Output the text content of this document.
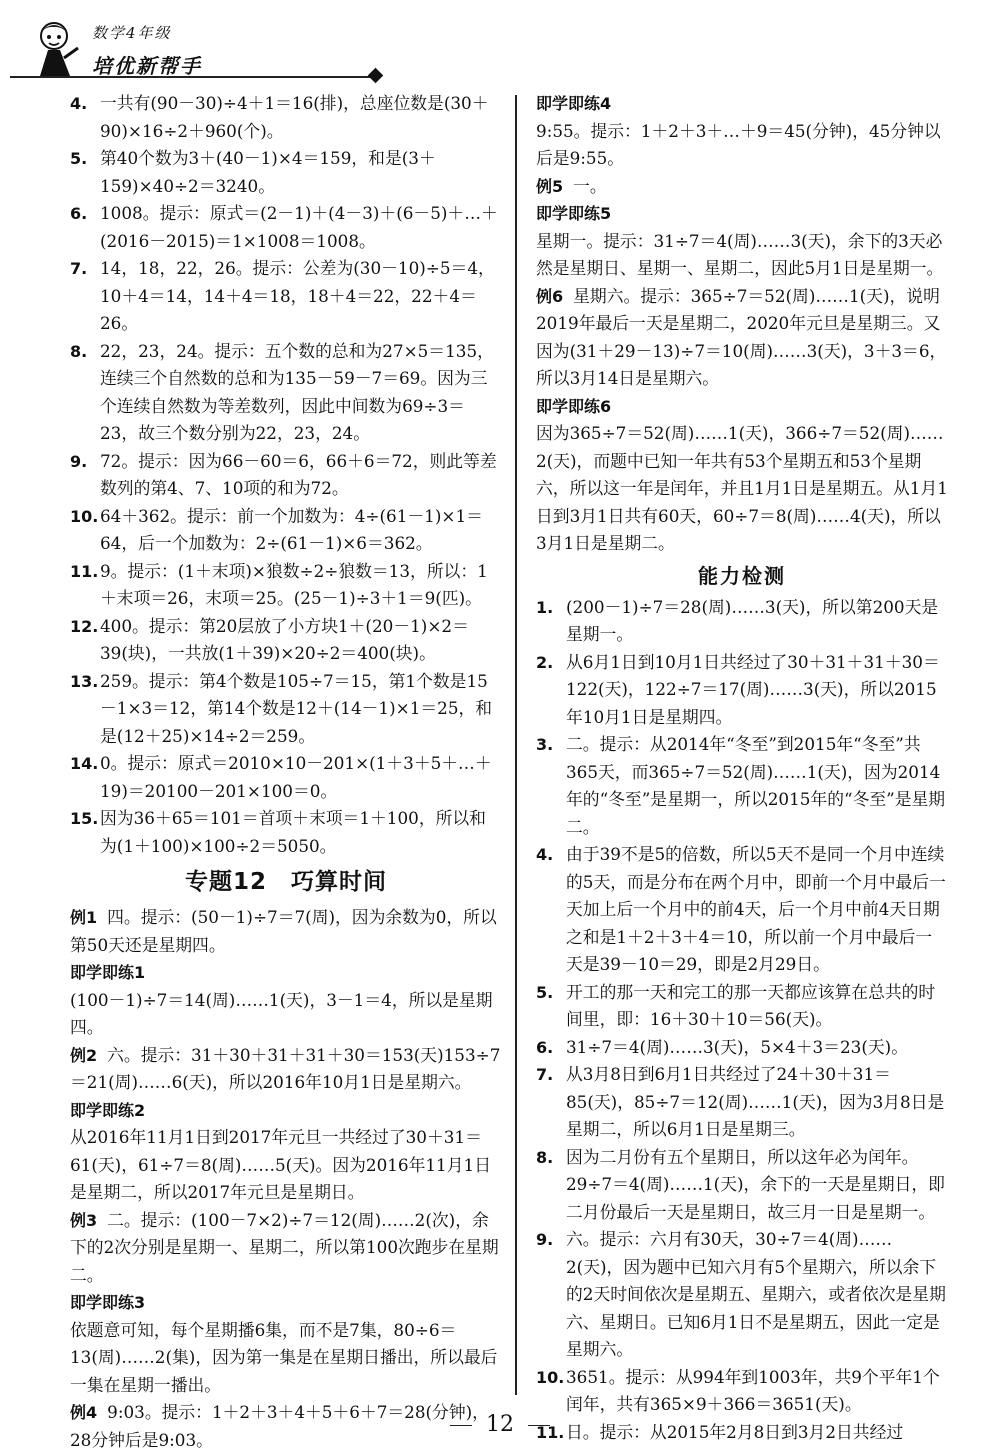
数学4年级
培优新帮手
4. 一共有(90－30)÷4＋1＝16(排)，总座位数是(30＋90)×16÷2＋960(个)。
5. 第40个数为3＋(40－1)×4＝159，和是(3＋159)×40÷2＝3240。
6. 1008。提示：原式＝(2－1)＋(4－3)＋(6－5)＋…＋(2016－2015)＝1×1008＝1008。
7. 14，18，22，26。提示：公差为(30－10)÷5＝4，10＋4＝14，14＋4＝18，18＋4＝22，22＋4＝26。
8. 22，23，24。提示：五个数的总和为27×5＝135，连续三个自然数的总和为135－59－7＝69。因为三个连续自然数为等差数列，因此中间数为69÷3＝23，故三个数分别为22，23，24。
9. 72。提示：因为66－60＝6，66＋6＝72，则此等差数列的第4、7、10项的和为72。
10. 64＋362。提示：前一个加数为：4÷(61－1)×1＝64，后一个加数为：2÷(61－1)×6＝362。
11. 9。提示：(1＋末项)×狼数÷2÷狼数＝13，所以：1＋末项＝26，末项＝25。(25－1)÷3＋1＝9(匹)。
12. 400。提示：第20层放了小方块1＋(20－1)×2＝39(块)，一共放(1＋39)×20÷2＝400(块)。
13. 259。提示：第4个数是105÷7＝15，第1个数是15－1×3＝12，第14个数是12＋(14－1)×1＝25，和是(12＋25)×14÷2＝259。
14. 0。提示：原式＝2010×10－201×(1＋3＋5＋…＋19)＝20100－201×100＝0。
15. 因为36＋65＝101＝首项＋末项＝1＋100，所以和为(1＋100)×100÷2＝5050。
专题12　巧算时间
例1 四。提示：(50－1)÷7＝7(周)，因为余数为0，所以第50天还是星期四。
即学即练1
(100－1)÷7＝14(周)……1(天)，3－1＝4，所以是星期四。
例2 六。提示：31＋30＋31＋31＋30＝153(天)153÷7＝21(周)……6(天)，所以2016年10月1日是星期六。
即学即练2
从2016年11月1日到2017年元旦一共经过了30＋31＝61(天)，61÷7＝8(周)……5(天)。因为2016年11月1日是星期二，所以2017年元旦是星期日。
例3 二。提示：(100－7×2)÷7＝12(周)……2(次)，余下的2次分别是星期一、星期二，所以第100次跑步在星期二。
即学即练3
依题意可知，每个星期播6集，而不是7集，80÷6＝13(周)……2(集)，因为第一集是在星期日播出，所以最后一集在星期一播出。
例4 9:03。提示：1＋2＋3＋4＋5＋6＋7＝28(分钟)，28分钟后是9:03。
即学即练4
9:55。提示：1＋2＋3＋…＋9＝45(分钟)，45分钟以后是9:55。
例5 一。
即学即练5
星期一。提示：31÷7＝4(周)……3(天)，余下的3天必然是星期日、星期一、星期二，因此5月1日是星期一。
例6 星期六。提示：365÷7＝52(周)……1(天)，说明2019年最后一天是星期二，2020年元旦是星期三。又因为(31＋29－13)÷7＝10(周)……3(天)，3＋3＝6，所以3月14日是星期六。
即学即练6
因为365÷7＝52(周)……1(天)，366÷7＝52(周)……2(天)，而题中已知一年共有53个星期五和53个星期六，所以这一年是闰年，并且1月1日是星期五。从1月1日到3月1日共有60天，60÷7＝8(周)……4(天)，所以3月1日是星期二。
能力检测
1. (200－1)÷7＝28(周)……3(天)，所以第200天是星期一。
2. 从6月1日到10月1日共经过了30＋31＋31＋30＝122(天)，122÷7＝17(周)……3(天)，所以2015年10月1日是星期四。
3. 二。提示：从2014年“冬至”到2015年“冬至”共365天，而365÷7＝52(周)……1(天)，因为2014年的“冬至”是星期一，所以2015年的“冬至”是星期二。
4. 由于39不是5的倍数，所以5天不是同一个月中连续的5天，而是分布在两个月中，即前一个月中最后一天加上后一个月中的前4天，后一个月中前4天日期之和是1＋2＋3＋4＝10，所以前一个月中最后一天是39－10＝29，即是2月29日。
5. 开工的那一天和完工的那一天都应该算在总共的时间里，即：16＋30＋10＝56(天)。
6. 31÷7＝4(周)……3(天)，5×4＋3＝23(天)。
7. 从3月8日到6月1日共经过了24＋30＋31＝85(天)，85÷7＝12(周)……1(天)，因为3月8日是星期二，所以6月1日是星期三。
8. 因为二月份有五个星期日，所以这年必为闰年。29÷7＝4(周)……1(天)，余下的一天是星期日，即二月份最后一天是星期日，故三月一日是星期一。
9. 六。提示：六月有30天，30÷7＝4(周)……2(天)，因为题中已知六月有5个星期六，所以余下的2天时间依次是星期五、星期六，或者依次是星期六、星期日。已知6月1日不是星期五，因此一定是星期六。
10. 3651。提示：从994年到1003年，共9个平年1个闰年，共有365×9＋366＝3651(天)。
11. 日。提示：从2015年2月8日到3月2日共经过
12
